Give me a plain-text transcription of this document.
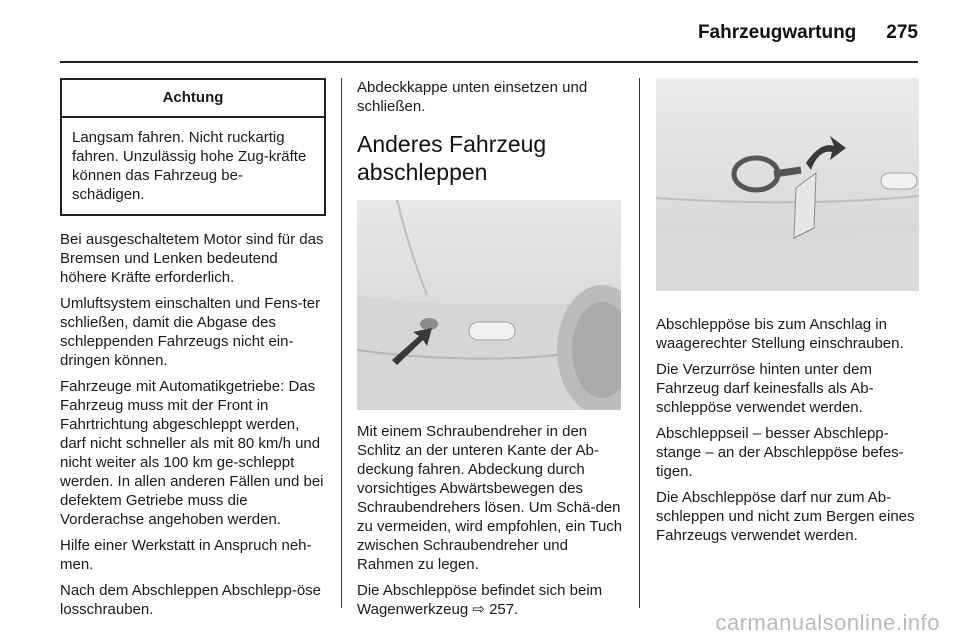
Fahrzeugwartung 275
Achtung
Langsam fahren. Nicht ruckartig fahren. Unzulässig hohe Zug-kräfte können das Fahrzeug be-schädigen.

Bei ausgeschaltetem Motor sind für das Bremsen und Lenken bedeutend höhere Kräfte erforderlich.

Umluftsystem einschalten und Fens-ter schließen, damit die Abgase des schleppenden Fahrzeugs nicht ein-dringen können.

Fahrzeuge mit Automatikgetriebe: Das Fahrzeug muss mit der Front in Fahrtrichtung abgeschleppt werden, darf nicht schneller als mit 80 km/h und nicht weiter als 100 km ge-schleppt werden. In allen anderen Fällen und bei defektem Getriebe muss die Vorderachse angehoben werden.

Hilfe einer Werkstatt in Anspruch neh-men.

Nach dem Abschleppen Abschlepp-öse losschrauben.

Abdeckkappe unten einsetzen und schließen.

Anderes Fahrzeug abschleppen

Mit einem Schraubendreher in den Schlitz an der unteren Kante der Ab-deckung fahren. Abdeckung durch vorsichtiges Abwärtsbewegen des Schraubendrehers lösen. Um Schä-den zu vermeiden, wird empfohlen, ein Tuch zwischen Schraubendreher und Rahmen zu legen.

Die Abschleppöse befindet sich beim Wagenwerkzeug ⇨ 257.

Abschleppöse bis zum Anschlag in waagerechter Stellung einschrauben.

Die Verzurröse hinten unter dem Fahrzeug darf keinesfalls als Ab-schleppöse verwendet werden.

Abschleppseil – besser Abschlepp-stange – an der Abschleppöse befes-tigen.

Die Abschleppöse darf nur zum Ab-schleppen und nicht zum Bergen eines Fahrzeugs verwendet werden.

carmanualsonline.info
